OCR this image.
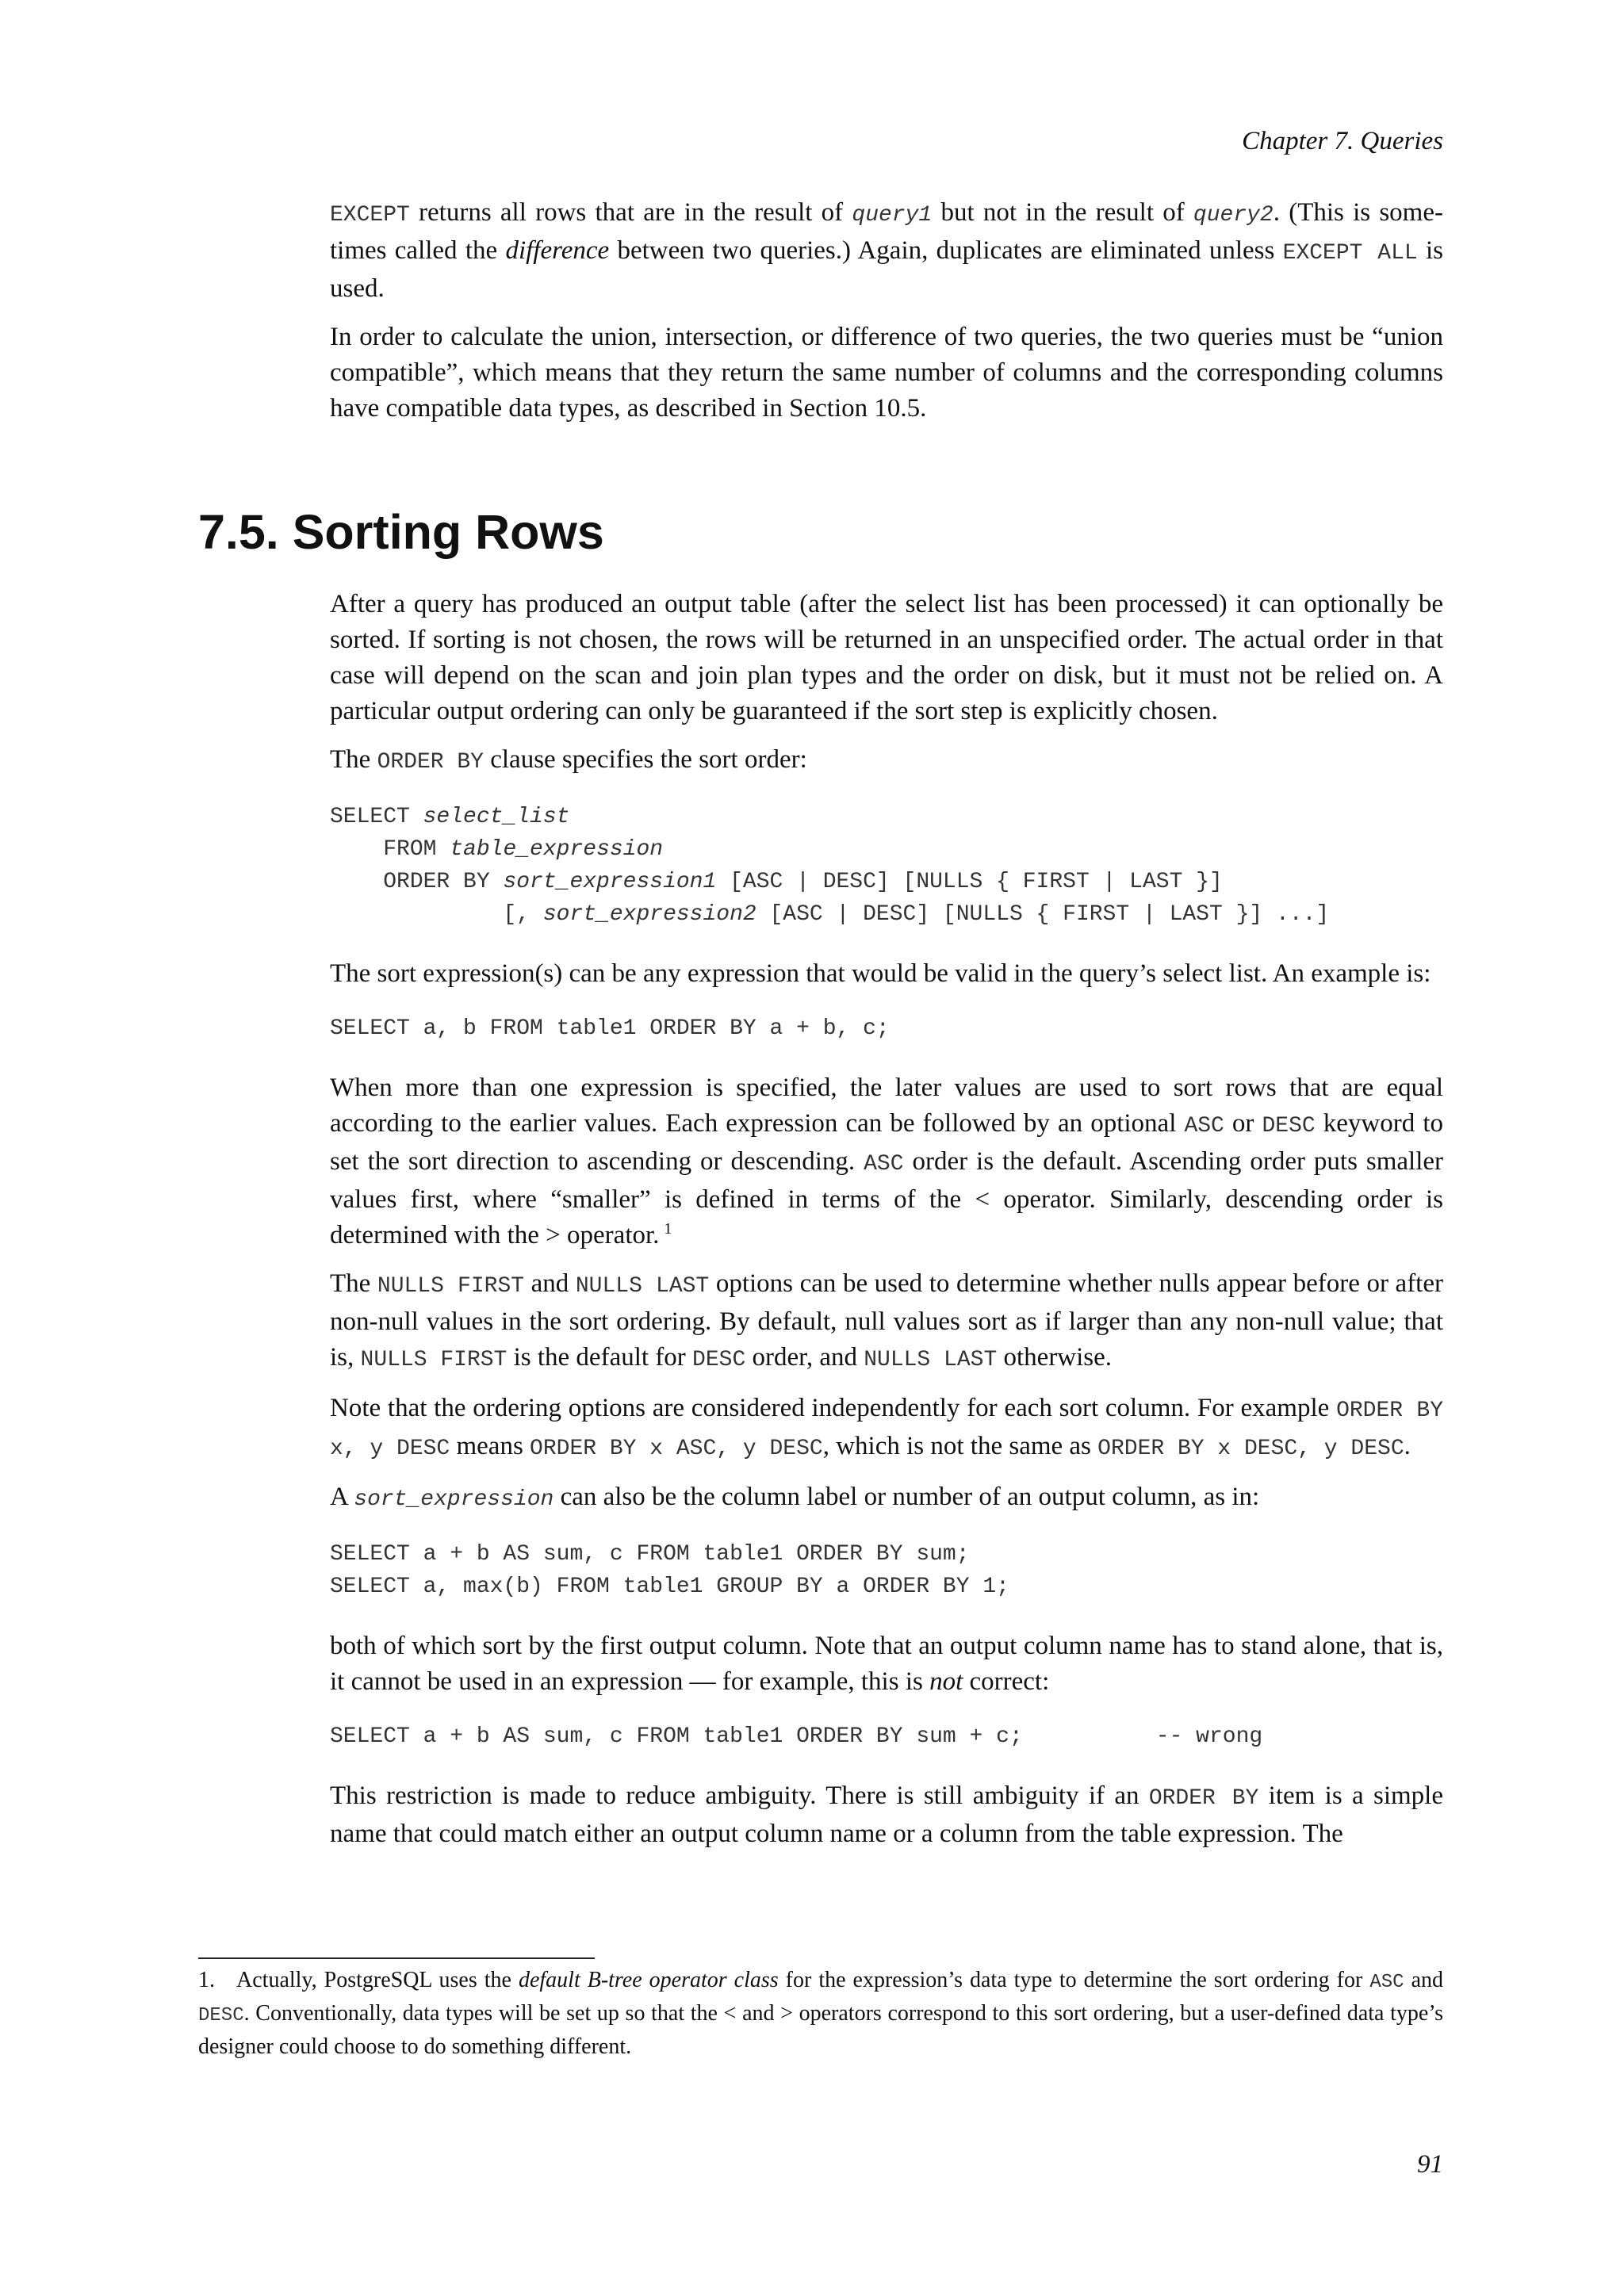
Chapter 7. Queries

EXCEPT returns all rows that are in the result of query1 but not in the result of query2. (This is some-times called the difference between two queries.) Again, duplicates are eliminated unless EXCEPT ALL is used.

In order to calculate the union, intersection, or difference of two queries, the two queries must be “union compatible”, which means that they return the same number of columns and the corresponding columns have compatible data types, as described in Section 10.5.

7.5. Sorting Rows

After a query has produced an output table (after the select list has been processed) it can optionally be sorted. If sorting is not chosen, the rows will be returned in an unspecified order. The actual order in that case will depend on the scan and join plan types and the order on disk, but it must not be relied on. A particular output ordering can only be guaranteed if the sort step is explicitly chosen.

The ORDER BY clause specifies the sort order:

SELECT select_list
FROM table_expression
ORDER BY sort_expression1 [ASC | DESC] [NULLS { FIRST | LAST }]
[, sort_expression2 [ASC | DESC] [NULLS { FIRST | LAST }] ...]

The sort expression(s) can be any expression that would be valid in the query’s select list. An example is:

SELECT a, b FROM table1 ORDER BY a + b, c;

When more than one expression is specified, the later values are used to sort rows that are equal according to the earlier values. Each expression can be followed by an optional ASC or DESC keyword to set the sort direction to ascending or descending. ASC order is the default. Ascending order puts smaller values first, where “smaller” is defined in terms of the < operator. Similarly, descending order is determined with the > operator. $^1$

The NULLS FIRST and NULLS LAST options can be used to determine whether nulls appear before or after non-null values in the sort ordering. By default, null values sort as if larger than any non-null value; that is, NULLS FIRST is the default for DESC order, and NULLS LAST otherwise.

Note that the ordering options are considered independently for each sort column. For example ORDER BY x, y DESC means ORDER BY x ASC, y DESC, which is not the same as ORDER BY x DESC, y DESC.

A sort_expression can also be the column label or number of an output column, as in:

SELECT a + b AS sum, c FROM table1 ORDER BY sum;
SELECT a, max(b) FROM table1 GROUP BY a ORDER BY 1;

both of which sort by the first output column. Note that an output column name has to stand alone, that is, it cannot be used in an expression — for example, this is not correct:

SELECT a + b AS sum, c FROM table1 ORDER BY sum + c;          -- wrong

This restriction is made to reduce ambiguity. There is still ambiguity if an ORDER BY item is a simple name that could match either an output column name or a column from the table expression. The

1. Actually, PostgreSQL uses the default B-tree operator class for the expression’s data type to determine the sort ordering for ASC and DESC. Conventionally, data types will be set up so that the < and > operators correspond to this sort ordering, but a user-defined data type’s designer could choose to do something different.

91
